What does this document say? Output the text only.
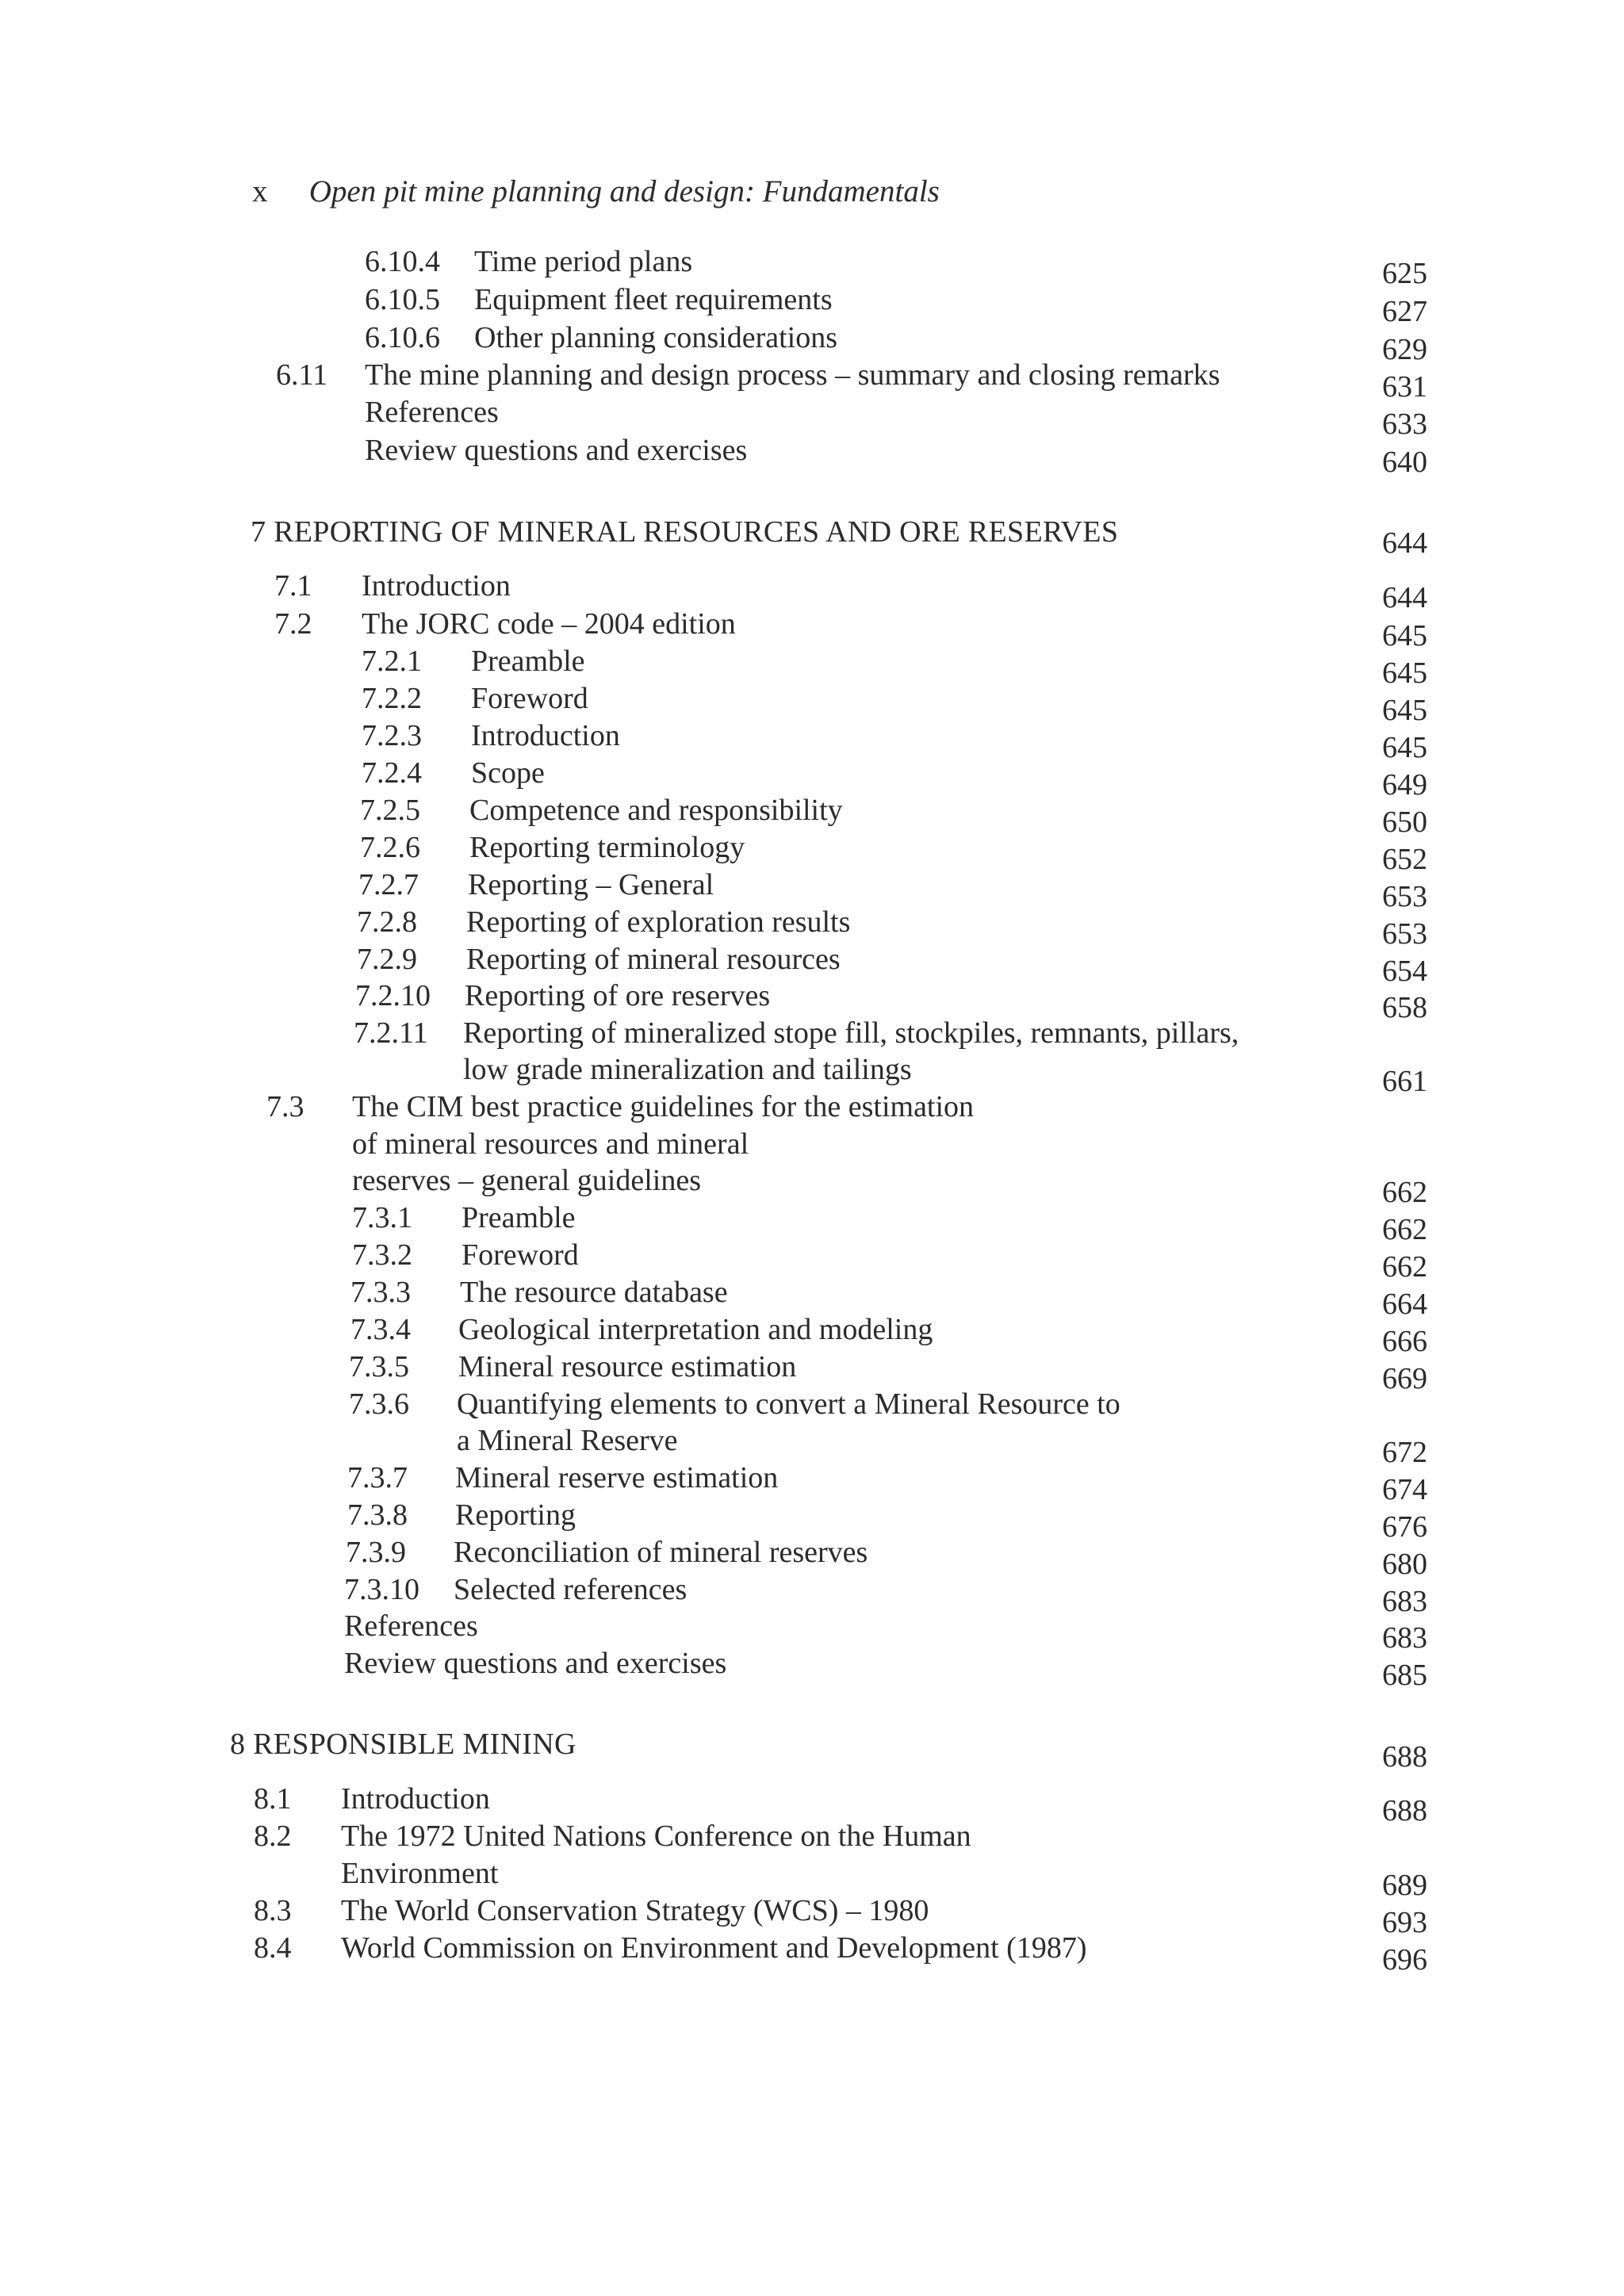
x Open pit mine planning and design: Fundamentals
6.10.4 Time period plans	625
6.10.5 Equipment fleet requirements	627
6.10.6 Other planning considerations	629
6.11 The mine planning and design process – summary and closing remarks	631
References	633
Review questions and exercises	640
7 REPORTING OF MINERAL RESOURCES AND ORE RESERVES	644
7.1 Introduction	644
7.2 The JORC code – 2004 edition	645
7.2.1 Preamble	645
7.2.2 Foreword	645
7.2.3 Introduction	645
7.2.4 Scope	649
7.2.5 Competence and responsibility	650
7.2.6 Reporting terminology	652
7.2.7 Reporting – General	653
7.2.8 Reporting of exploration results	653
7.2.9 Reporting of mineral resources	654
7.2.10 Reporting of ore reserves	658
7.2.11 Reporting of mineralized stope fill, stockpiles, remnants, pillars,
low grade mineralization and tailings	661
7.3 The CIM best practice guidelines for the estimation
of mineral resources and mineral
reserves – general guidelines	662
7.3.1 Preamble	662
7.3.2 Foreword	662
7.3.3 The resource database	664
7.3.4 Geological interpretation and modeling	666
7.3.5 Mineral resource estimation	669
7.3.6 Quantifying elements to convert a Mineral Resource to
a Mineral Reserve	672
7.3.7 Mineral reserve estimation	674
7.3.8 Reporting	676
7.3.9 Reconciliation of mineral reserves	680
7.3.10 Selected references	683
References	683
Review questions and exercises	685
8 RESPONSIBLE MINING	688
8.1 Introduction	688
8.2 The 1972 United Nations Conference on the Human
Environment	689
8.3 The World Conservation Strategy (WCS) – 1980	693
8.4 World Commission on Environment and Development (1987)	696
